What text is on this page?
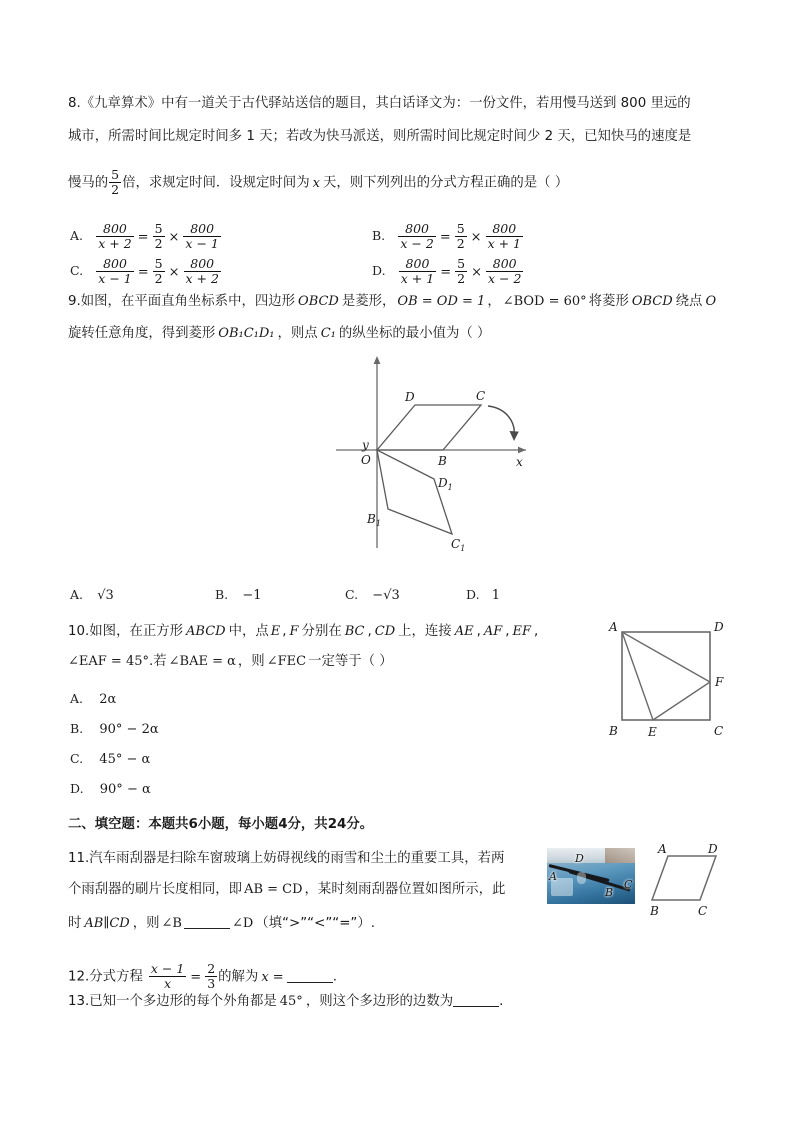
8.《九章算术》中有一道关于古代驿站送信的题目，其白话译文为：一份文件，若用慢马送到 800 里远的
城市，所需时间比规定时间多 1 天；若改为快马派送，则所需时间比规定时间少 2 天，已知快马的速度是
慢马的 $\frac{5}{2}$ 倍，求规定时间．设规定时间为 x 天，则下列列出的分式方程正确的是（ ）
A. $\frac{800}{x + 2} = \frac{5}{2} \times \frac{800}{x - 1}$	B. $\frac{800}{x - 2} = \frac{5}{2} \times \frac{800}{x + 1}$
C. $\frac{800}{x - 1} = \frac{5}{2} \times \frac{800}{x + 2}$	D. $\frac{800}{x + 1} = \frac{5}{2} \times \frac{800}{x - 2}$
9.如图，在平面直角坐标系中，四边形 OBCD 是菱形， OB = OD = 1 ， ∠BOD = 60° 将菱形 OBCD 绕点 O
旋转任意角度，得到菱形 OB₁C₁D₁ ，则点 C₁ 的纵坐标的最小值为（ ）
y
x
O
D	C
B
$D_1$
$B_1$
$C_1$
A. √3	B. −1	C. −√3	D. 1
10.如图，在正方形 ABCD 中，点 E , F 分别在 BC , CD 上，连接 AE , AF , EF ,
∠EAF = 45°.若 ∠BAE = α ，则 ∠FEC 一定等于（ ）
A	D
B	C
E
F
A. 2α
B. 90° − 2α
C. 45° − α
D. 90° − α
二、填空题：本题共6小题，每小题4分，共24分。
11.汽车雨刮器是扫除车窗玻璃上妨碍视线的雨雪和尘土的重要工具，若两
个雨刮器的刷片长度相同，即 AB = CD ，某时刻雨刮器位置如图所示，此
时 AB∥CD ，则 ∠B	∠D （填“>”“<”“=”）.
A
B
C
D
A	D
B	C
12.分式方程 $\frac{x - 1}{x} = \frac{2}{3}$ 的解为 x =	.
13.已知一个多边形的每个外角都是 45° ，则这个多边形的边数为	.
